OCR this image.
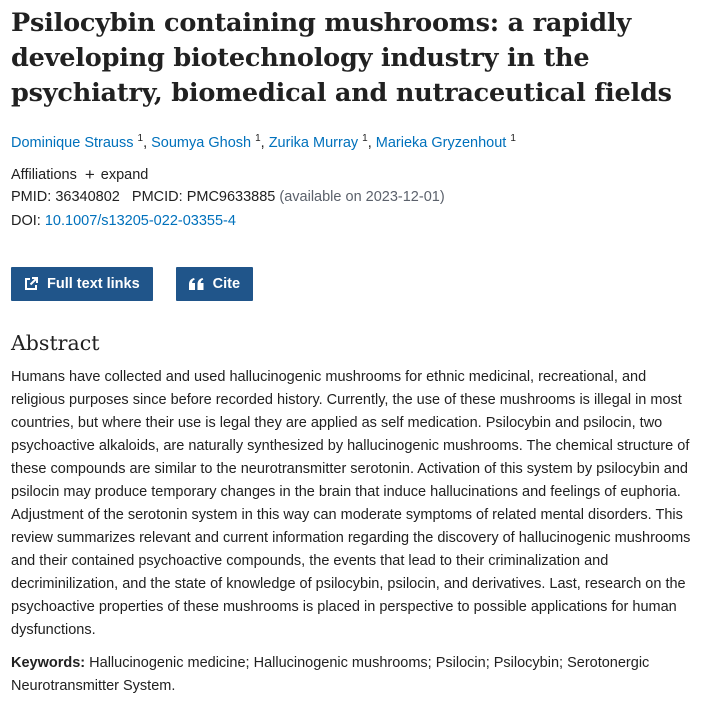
Psilocybin containing mushrooms: a rapidly developing biotechnology industry in the psychiatry, biomedical and nutraceutical fields
Dominique Strauss $^1$, Soumya Ghosh $^1$, Zurika Murray $^1$, Marieka Gryzenhout $^1$
Affiliations + expand
PMID: 36340802 PMCID: PMC9633885 (available on 2023-12-01)
DOI: 10.1007/s13205-022-03355-4
Full text links	Cite
Abstract
Humans have collected and used hallucinogenic mushrooms for ethnic medicinal, recreational, and religious purposes since before recorded history. Currently, the use of these mushrooms is illegal in most countries, but where their use is legal they are applied as self medication. Psilocybin and psilocin, two psychoactive alkaloids, are naturally synthesized by hallucinogenic mushrooms. The chemical structure of these compounds are similar to the neurotransmitter serotonin. Activation of this system by psilocybin and psilocin may produce temporary changes in the brain that induce hallucinations and feelings of euphoria. Adjustment of the serotonin system in this way can moderate symptoms of related mental disorders. This review summarizes relevant and current information regarding the discovery of hallucinogenic mushrooms and their contained psychoactive compounds, the events that lead to their criminalization and decriminilization, and the state of knowledge of psilocybin, psilocin, and derivatives. Last, research on the psychoactive properties of these mushrooms is placed in perspective to possible applications for human dysfunctions.
Keywords: Hallucinogenic medicine; Hallucinogenic mushrooms; Psilocin; Psilocybin; Serotonergic Neurotransmitter System.
